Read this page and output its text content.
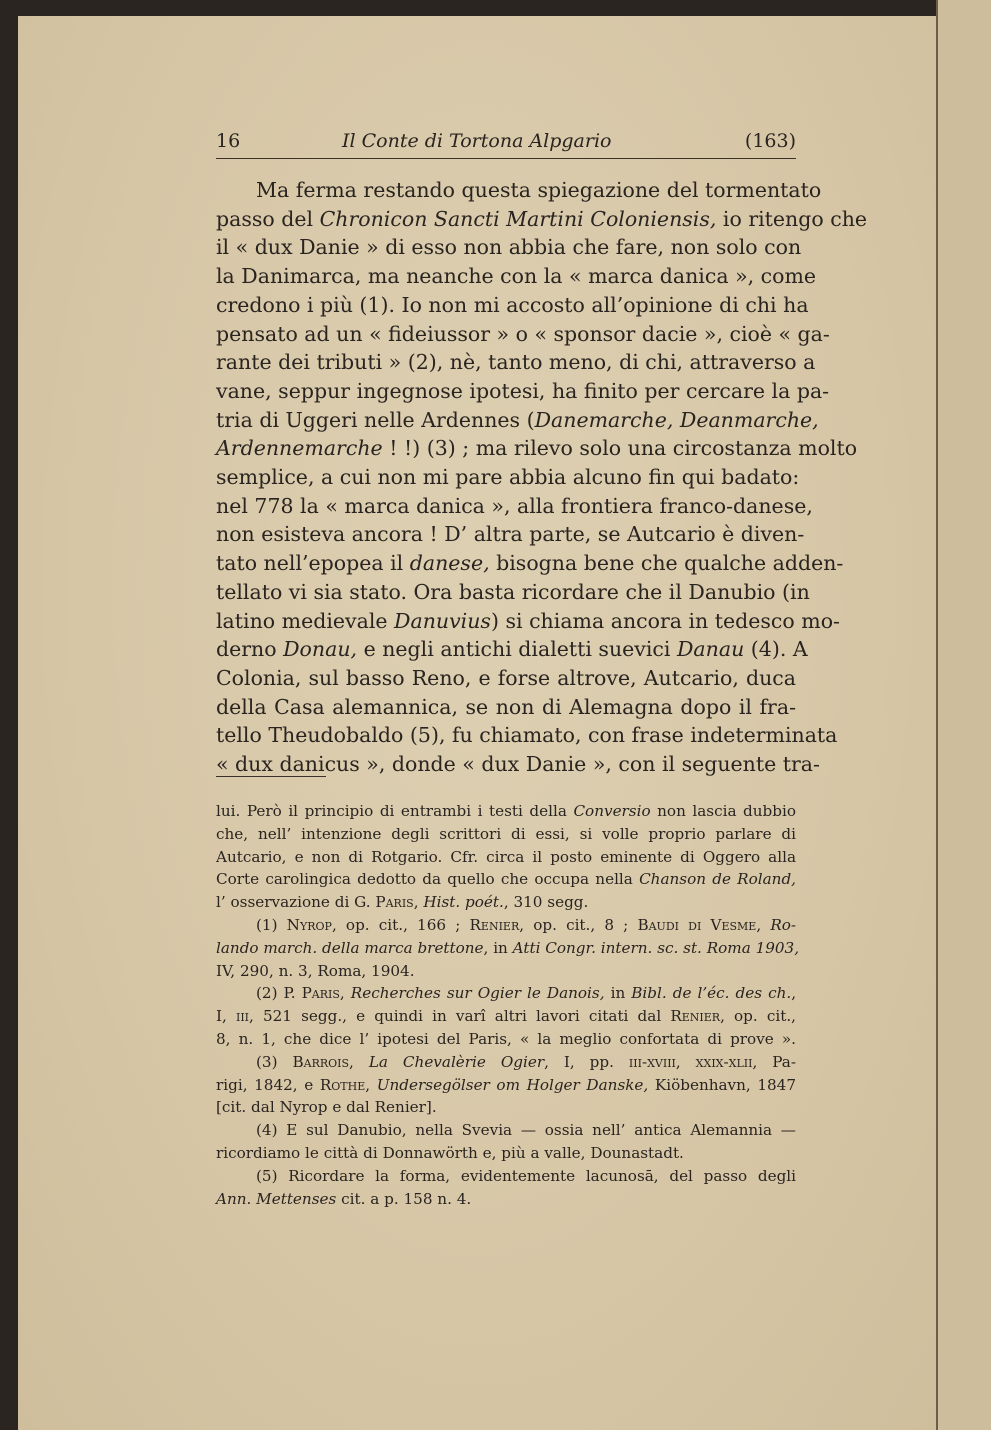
16	Il Conte di Tortona Alpgario	(163)
Ma ferma restando questa spiegazione del tormentato
passo del Chronicon Sancti Martini Coloniensis, io ritengo che
il « dux Danie » di esso non abbia che fare, non solo con
la Danimarca, ma neanche con la « marca danica », come
credono i più (1). Io non mi accosto all’opinione di chi ha
pensato ad un « fideiussor » o « sponsor dacie », cioè « ga-
rante dei tributi » (2), nè, tanto meno, di chi, attraverso a
vane, seppur ingegnose ipotesi, ha finito per cercare la pa-
tria di Uggeri nelle Ardennes (Danemarche, Deanmarche,
Ardennemarche ! !) (3) ; ma rilevo solo una circostanza molto
semplice, a cui non mi pare abbia alcuno fin qui badato:
nel 778 la « marca danica », alla frontiera franco-danese,
non esisteva ancora ! D’ altra parte, se Autcario è diven-
tato nell’epopea il danese, bisogna bene che qualche adden-
tellato vi sia stato. Ora basta ricordare che il Danubio (in
latino medievale Danuvius) si chiama ancora in tedesco mo-
derno Donau, e negli antichi dialetti suevici Danau (4). A
Colonia, sul basso Reno, e forse altrove, Autcario, duca
della Casa alemannica, se non di Alemagna dopo il fra-
tello Theudobaldo (5), fu chiamato, con frase indeterminata
« dux danicus », donde « dux Danie », con il seguente tra-
lui. Però il principio di entrambi i testi della Conversio non lascia dubbio
che, nell’ intenzione degli scrittori di essi, si volle proprio parlare di
Autcario, e non di Rotgario. Cfr. circa il posto eminente di Oggero alla
Corte carolingica dedotto da quello che occupa nella Chanson de Roland,
l’ osservazione di G. Paris, Hist. poét., 310 segg.
(1) Nyrop, op. cit., 166 ; Renier, op. cit., 8 ; Baudi di Vesme, Ro-
lando march. della marca brettone, in Atti Congr. intern. sc. st. Roma 1903,
IV, 290, n. 3, Roma, 1904.
(2) P. Paris, Recherches sur Ogier le Danois, in Bibl. de l’éc. des ch.,
I, iii, 521 segg., e quindi in varî altri lavori citati dal Renier, op. cit.,
8, n. 1, che dice l’ ipotesi del Paris, « la meglio confortata di prove ».
(3) Barrois, La Chevalèrie Ogier, I, pp. iii-xviii, xxix-xlii, Pa-
rigi, 1842, e Rothe, Undersegölser om Holger Danske, Kiöbenhavn, 1847
[cit. dal Nyrop e dal Renier].
(4) E sul Danubio, nella Svevia — ossia nell’ antica Alemannia —
ricordiamo le città di Donnawörth e, più a valle, Dounastadt.
(5) Ricordare la forma, evidentemente lacunosā, del passo degli
Ann. Mettenses cit. a p. 158 n. 4.
